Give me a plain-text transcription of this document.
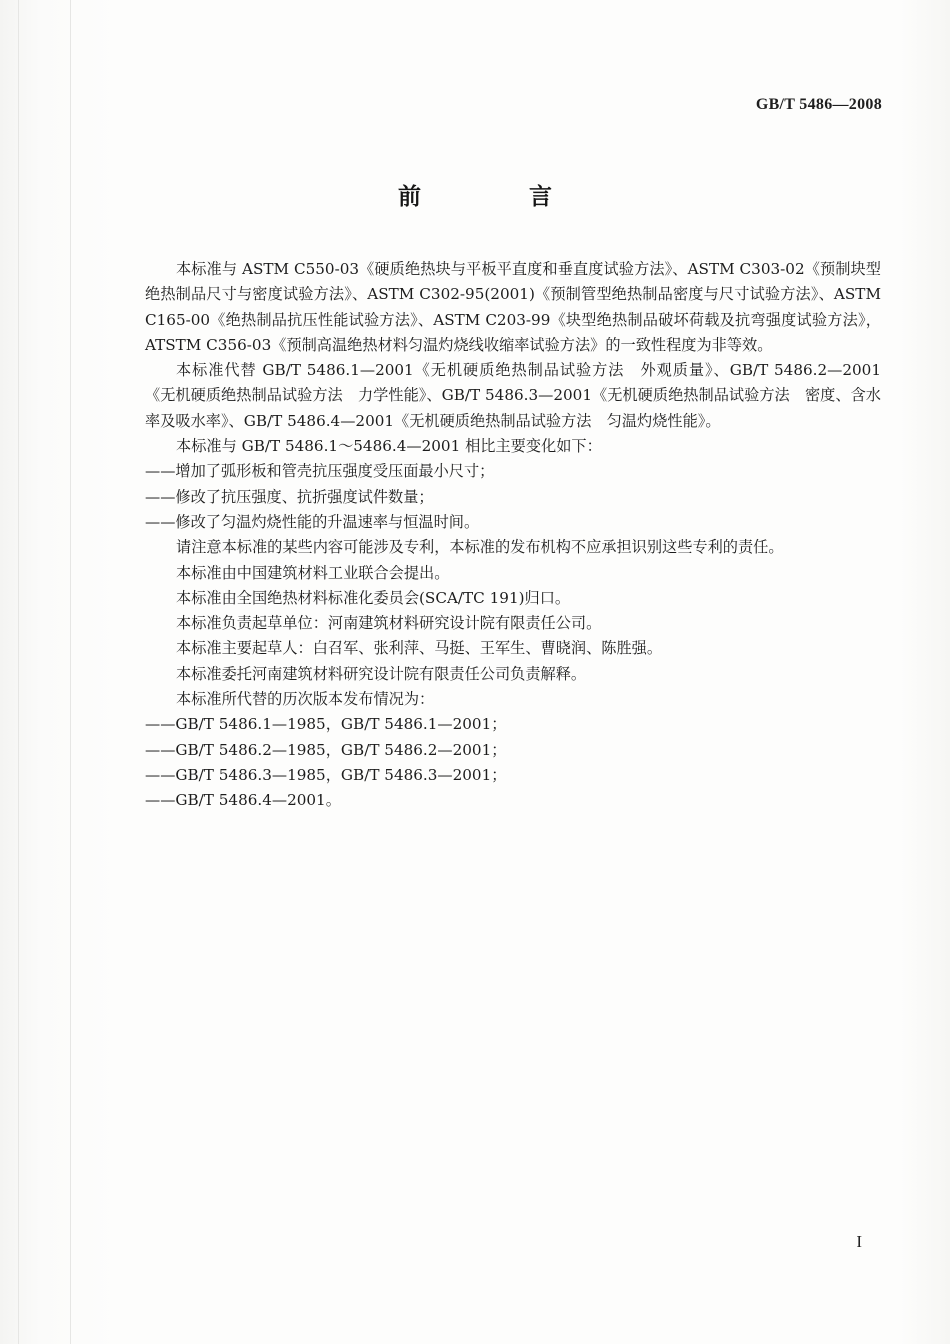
GB/T 5486—2008
前 言

本标准与 ASTM C550-03《硬质绝热块与平板平直度和垂直度试验方法》、ASTM C303-02《预制块型绝热制品尺寸与密度试验方法》、ASTM C302-95(2001)《预制管型绝热制品密度与尺寸试验方法》、ASTM C165-00《绝热制品抗压性能试验方法》、ASTM C203-99《块型绝热制品破坏荷载及抗弯强度试验方法》，ATSTM C356-03《预制高温绝热材料匀温灼烧线收缩率试验方法》的一致性程度为非等效。

本标准代替 GB/T 5486.1—2001《无机硬质绝热制品试验方法　外观质量》、GB/T 5486.2—2001《无机硬质绝热制品试验方法　力学性能》、GB/T 5486.3—2001《无机硬质绝热制品试验方法　密度、含水率及吸水率》、GB/T 5486.4—2001《无机硬质绝热制品试验方法　匀温灼烧性能》。

本标准与 GB/T 5486.1～5486.4—2001 相比主要变化如下：

——增加了弧形板和管壳抗压强度受压面最小尺寸；

——修改了抗压强度、抗折强度试件数量；

——修改了匀温灼烧性能的升温速率与恒温时间。

请注意本标准的某些内容可能涉及专利，本标准的发布机构不应承担识别这些专利的责任。

本标准由中国建筑材料工业联合会提出。

本标准由全国绝热材料标准化委员会(SCA/TC 191)归口。

本标准负责起草单位：河南建筑材料研究设计院有限责任公司。

本标准主要起草人：白召军、张利萍、马挺、王军生、曹晓润、陈胜强。

本标准委托河南建筑材料研究设计院有限责任公司负责解释。

本标准所代替的历次版本发布情况为：

——GB/T 5486.1—1985，GB/T 5486.1—2001；

——GB/T 5486.2—1985，GB/T 5486.2—2001；

——GB/T 5486.3—1985，GB/T 5486.3—2001；

——GB/T 5486.4—2001。

I
